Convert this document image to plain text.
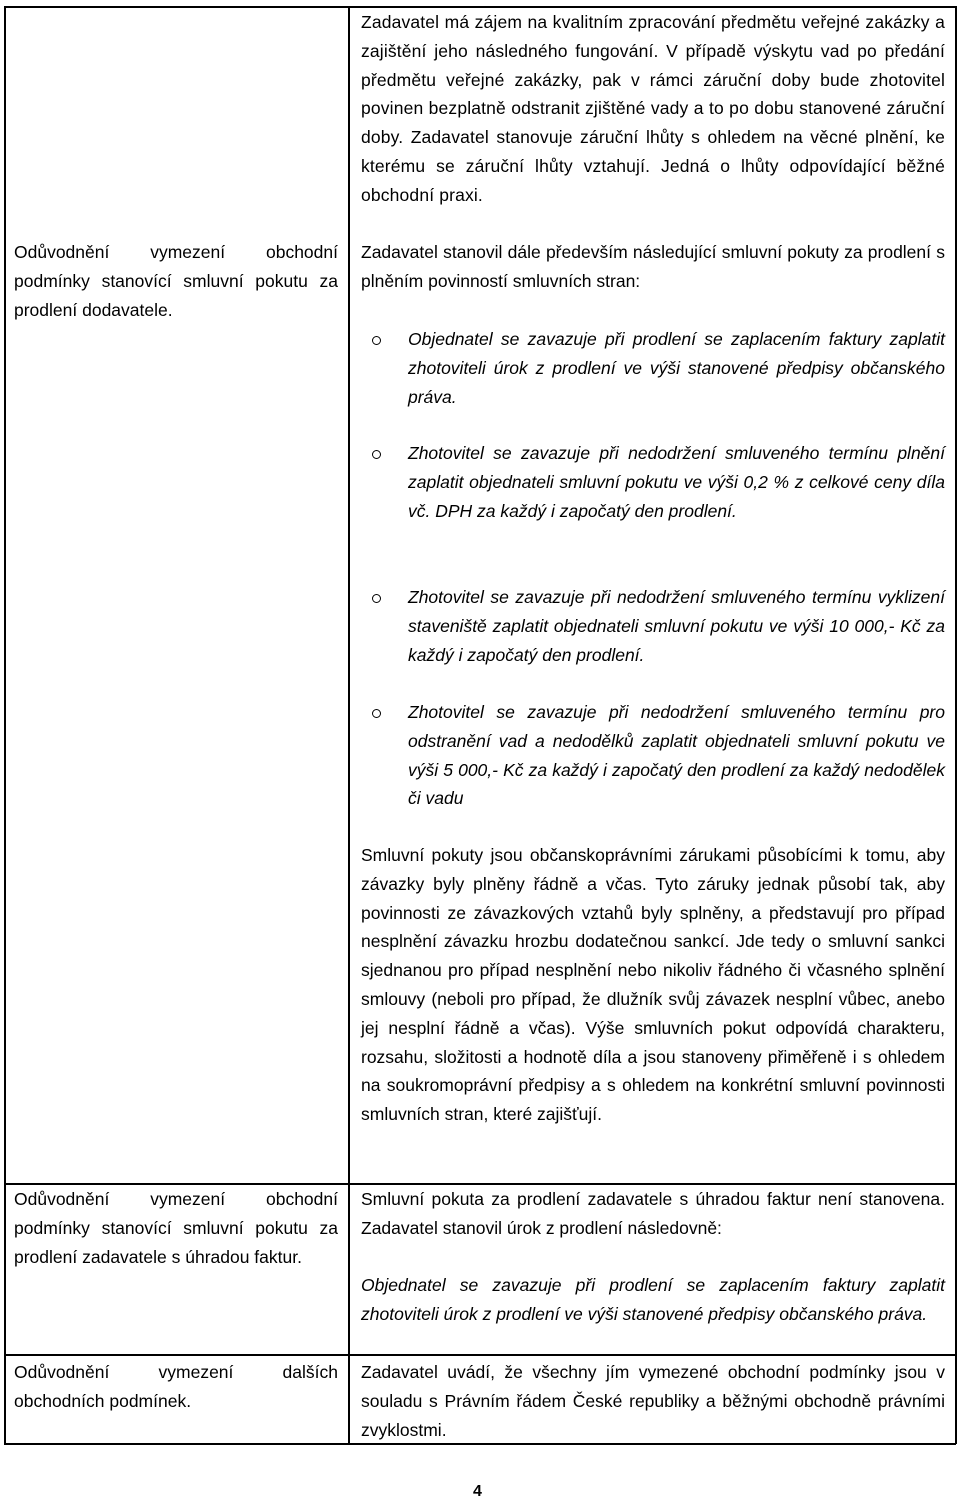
Odůvodnění vymezení obchodní podmínky stanovící smluvní pokutu za prodlení dodavatele.

Zadavatel má zájem na kvalitním zpracování předmětu veřejné zakázky a zajištění jeho následného fungování. V případě výskytu vad po předání předmětu veřejné zakázky, pak v rámci záruční doby bude zhotovitel povinen bezplatně odstranit zjištěné vady a to po dobu stanovené záruční doby. Zadavatel stanovuje záruční lhůty s ohledem na věcné plnění, ke kterému se záruční lhůty vztahují. Jedná o lhůty odpovídající běžné obchodní praxi.

Zadavatel stanovil dále především následující smluvní pokuty za prodlení s plněním povinností smluvních stran:

Objednatel se zavazuje při prodlení se zaplacením faktury zaplatit zhotoviteli úrok z prodlení ve výši stanovené předpisy občanského práva.

Zhotovitel se zavazuje při nedodržení smluveného termínu plnění zaplatit objednateli smluvní pokutu ve výši 0,2 % z celkové ceny díla vč. DPH za každý i započatý den prodlení.

Zhotovitel se zavazuje při nedodržení smluveného termínu vyklizení staveniště zaplatit objednateli smluvní pokutu ve výši 10 000,- Kč za každý i započatý den prodlení.

Zhotovitel se zavazuje při nedodržení smluveného termínu pro odstranění vad a nedodělků zaplatit objednateli smluvní pokutu ve výši 5 000,- Kč za každý i započatý den prodlení za každý nedodělek či vadu

Smluvní pokuty jsou občanskoprávními zárukami působícími k tomu, aby závazky byly plněny řádně a včas. Tyto záruky jednak působí tak, aby povinnosti ze závazkových vztahů byly splněny, a představují pro případ nesplnění závazku hrozbu dodatečnou sankcí. Jde tedy o smluvní sankci sjednanou pro případ nesplnění nebo nikoliv řádného či včasného splnění smlouvy (neboli pro případ, že dlužník svůj závazek nesplní vůbec, anebo jej nesplní řádně a včas). Výše smluvních pokut odpovídá charakteru, rozsahu, složitosti a hodnotě díla a jsou stanoveny přiměřeně i s ohledem na soukromoprávní předpisy a s ohledem na konkrétní smluvní povinnosti smluvních stran, které zajišťují.

Odůvodnění vymezení obchodní podmínky stanovící smluvní pokutu za prodlení zadavatele s úhradou faktur.

Smluvní pokuta za prodlení zadavatele s úhradou faktur není stanovena. Zadavatel stanovil úrok z prodlení následovně:

Objednatel se zavazuje při prodlení se zaplacením faktury zaplatit zhotoviteli úrok z prodlení ve výši stanovené předpisy občanského práva.

Odůvodnění vymezení dalších obchodních podmínek.

Zadavatel uvádí, že všechny jím vymezené obchodní podmínky jsou v souladu s Právním řádem České republiky a běžnými obchodně právními zvyklostmi.

4
